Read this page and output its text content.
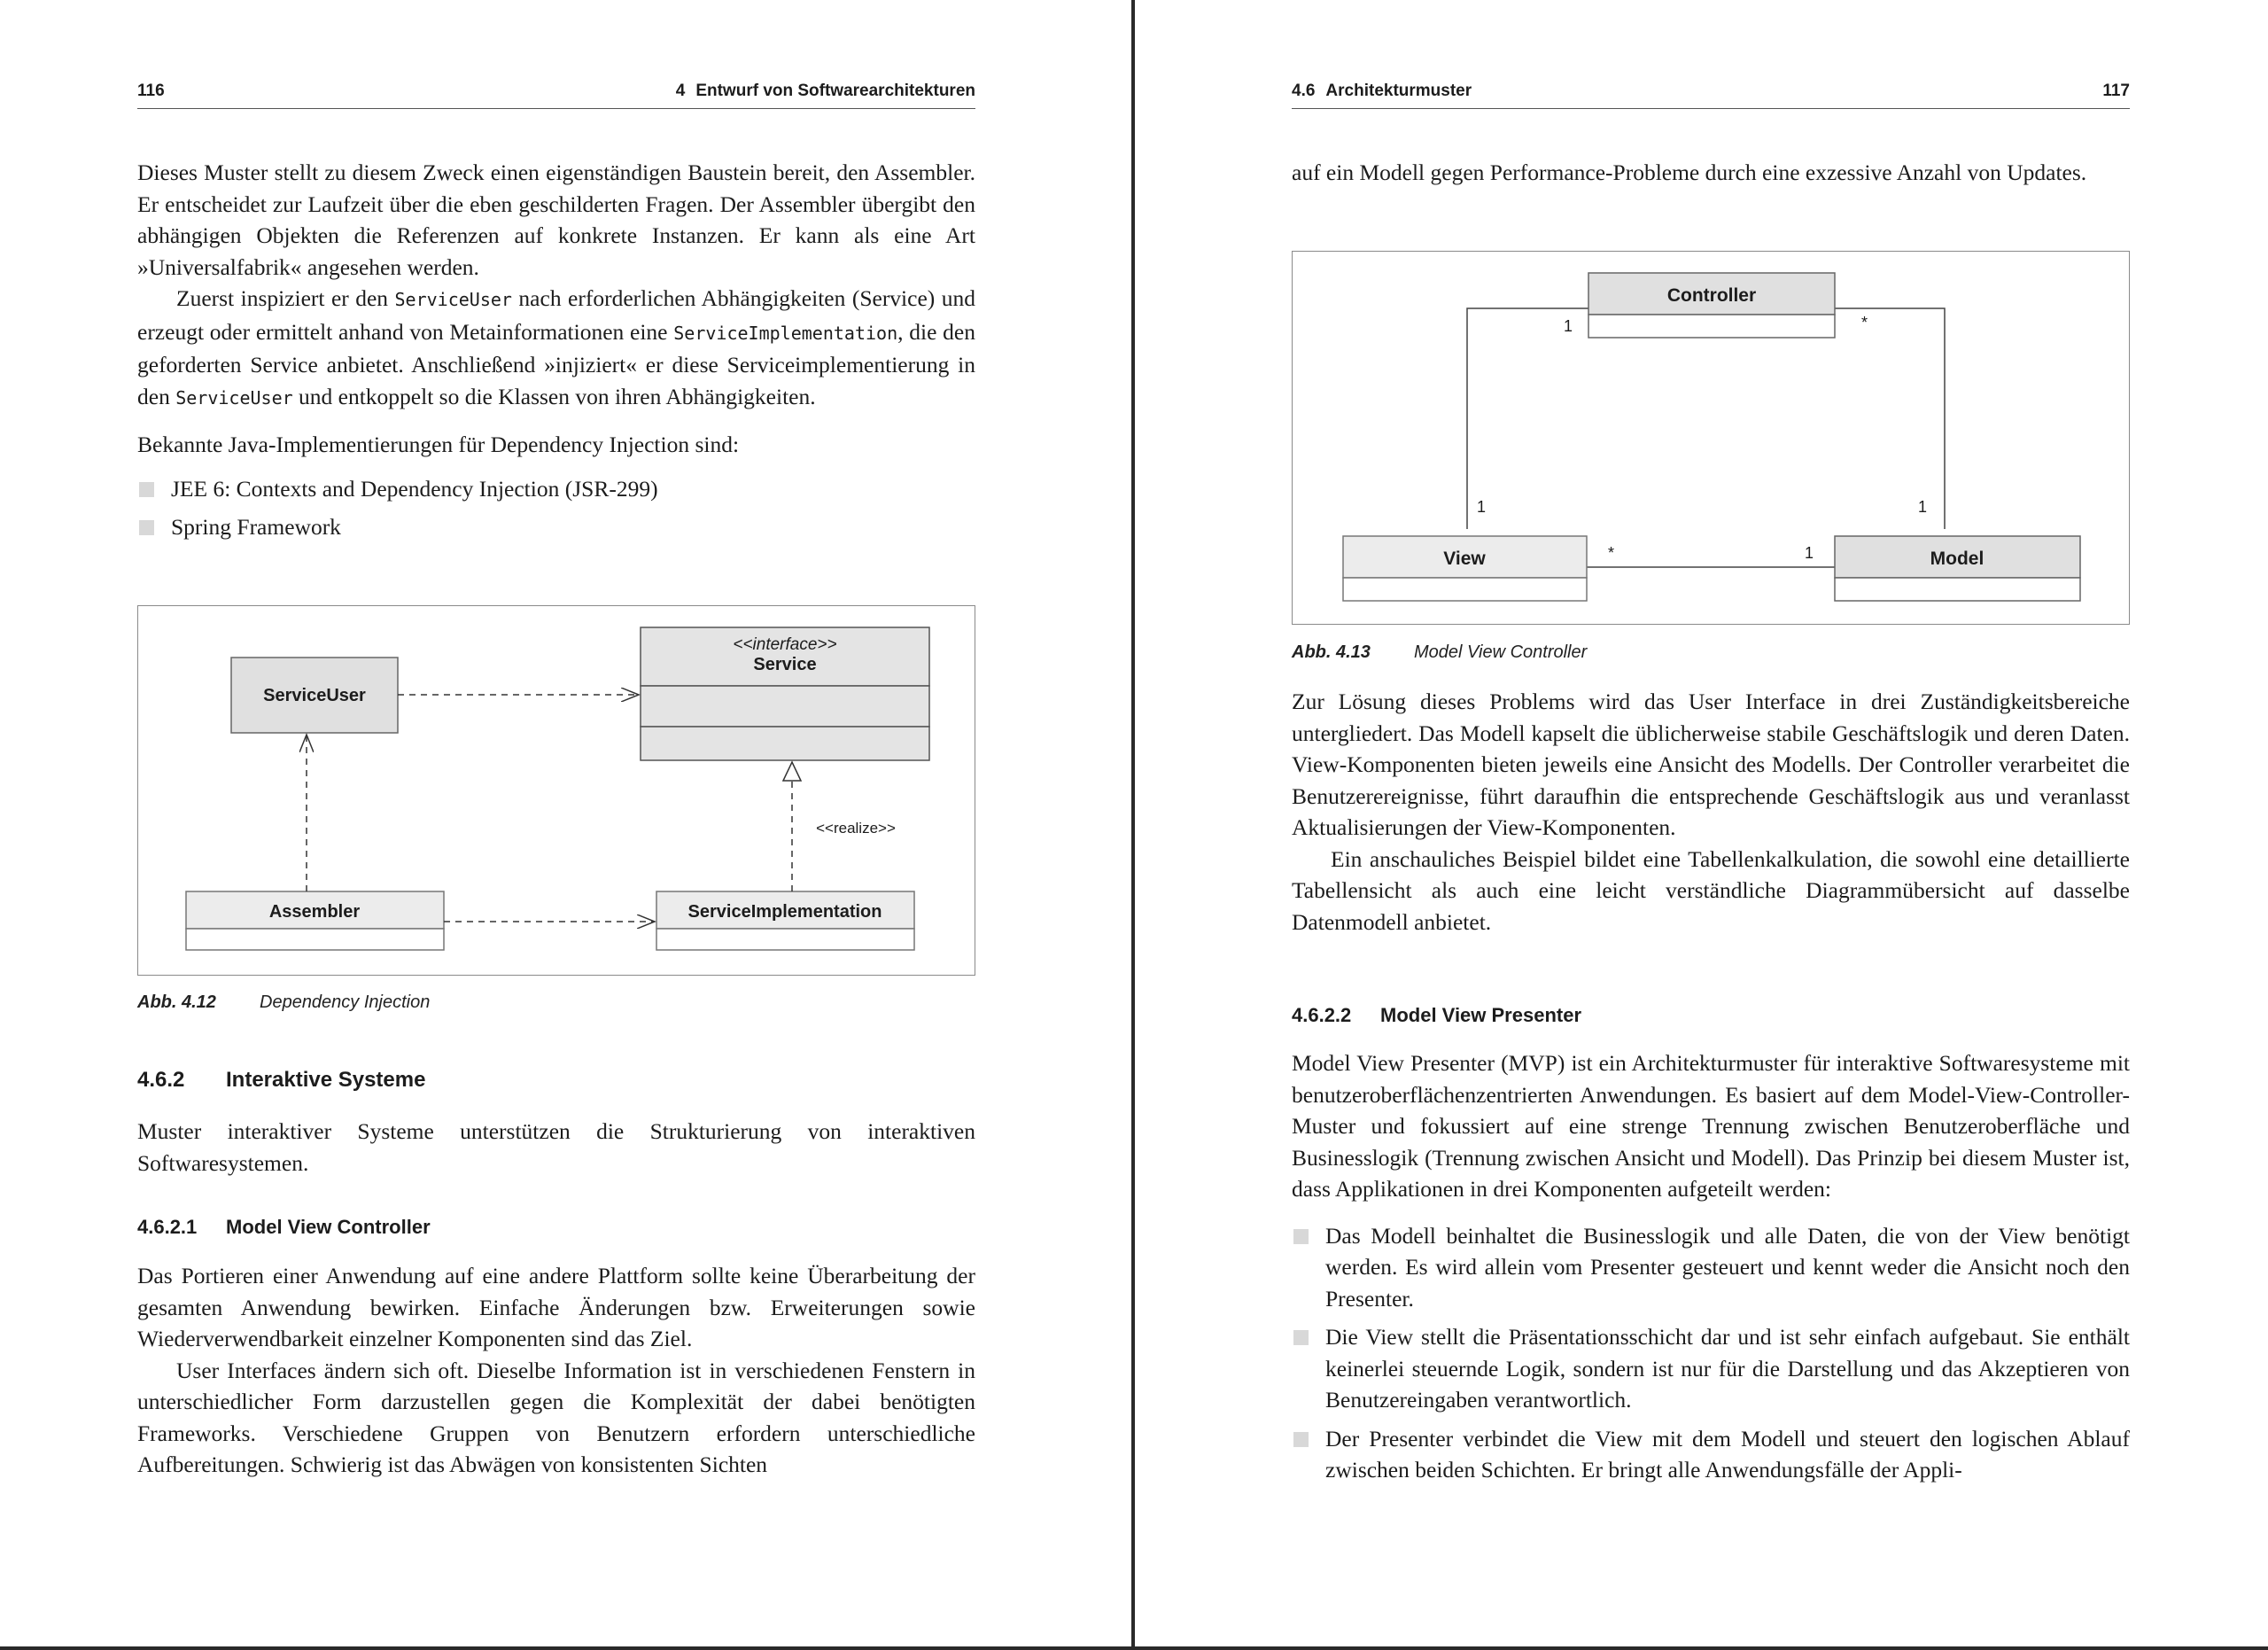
116	4 Entwurf von Softwarearchitekturen

Dieses Muster stellt zu diesem Zweck einen eigenständigen Baustein bereit, den Assembler. Er entscheidet zur Laufzeit über die eben geschilderten Fragen. Der Assembler übergibt den abhängigen Objekten die Referenzen auf konkrete Instanzen. Er kann als eine Art »Universalfabrik« angesehen werden.

Zuerst inspiziert er den ServiceUser nach erforderlichen Abhängigkeiten (Service) und erzeugt oder ermittelt anhand von Metainformationen eine ServiceImplementation, die den geforderten Service anbietet. Anschließend »injiziert« er diese Serviceimplementierung in den ServiceUser und entkoppelt so die Klassen von ihren Abhängigkeiten.

Bekannte Java-Implementierungen für Dependency Injection sind:

JEE 6: Contexts and Dependency Injection (JSR-299)
Spring Framework
<<interface>>
Service
ServiceUser
Assembler	ServiceImplementation
<<realize>>
Abb. 4.12 Dependency Injection
4.6.2 Interaktive Systeme

Muster interaktiver Systeme unterstützen die Strukturierung von interaktiven Softwaresystemen.

4.6.2.1 Model View Controller

Das Portieren einer Anwendung auf eine andere Plattform sollte keine Überarbeitung der gesamten Anwendung bewirken. Einfache Änderungen bzw. Erweiterungen sowie Wiederverwendbarkeit einzelner Komponenten sind das Ziel.

User Interfaces ändern sich oft. Dieselbe Information ist in verschiedenen Fenstern in unterschiedlicher Form darzustellen gegen die Komplexität der dabei benötigten Frameworks. Verschiedene Gruppen von Benutzern erfordern unterschiedliche Aufbereitungen. Schwierig ist das Abwägen von konsistenten Sichten

4.6 Architekturmuster	117

auf ein Modell gegen Performance-Probleme durch eine exzessive Anzahl von Updates.

Controller
View	Model
1	*
1	1
*	1
Abb. 4.13 Model View Controller

Zur Lösung dieses Problems wird das User Interface in drei Zuständigkeitsbereiche untergliedert. Das Modell kapselt die üblicherweise stabile Geschäftslogik und deren Daten. View-Komponenten bieten jeweils eine Ansicht des Modells. Der Controller verarbeitet die Benutzerereignisse, führt daraufhin die entsprechende Geschäftslogik aus und veranlasst Aktualisierungen der View-Komponenten.

Ein anschauliches Beispiel bildet eine Tabellenkalkulation, die sowohl eine detaillierte Tabellensicht als auch eine leicht verständliche Diagrammübersicht auf dasselbe Datenmodell anbietet.

4.6.2.2 Model View Presenter

Model View Presenter (MVP) ist ein Architekturmuster für interaktive Softwaresysteme mit benutzeroberflächenzentrierten Anwendungen. Es basiert auf dem Model-View-Controller-Muster und fokussiert auf eine strenge Trennung zwischen Benutzeroberfläche und Businesslogik (Trennung zwischen Ansicht und Modell). Das Prinzip bei diesem Muster ist, dass Applikationen in drei Komponenten aufgeteilt werden:

Das Modell beinhaltet die Businesslogik und alle Daten, die von der View benötigt werden. Es wird allein vom Presenter gesteuert und kennt weder die Ansicht noch den Presenter.
Die View stellt die Präsentationsschicht dar und ist sehr einfach aufgebaut. Sie enthält keinerlei steuernde Logik, sondern ist nur für die Darstellung und das Akzeptieren von Benutzereingaben verantwortlich.
Der Presenter verbindet die View mit dem Modell und steuert den logischen Ablauf zwischen beiden Schichten. Er bringt alle Anwendungsfälle der Appli-
